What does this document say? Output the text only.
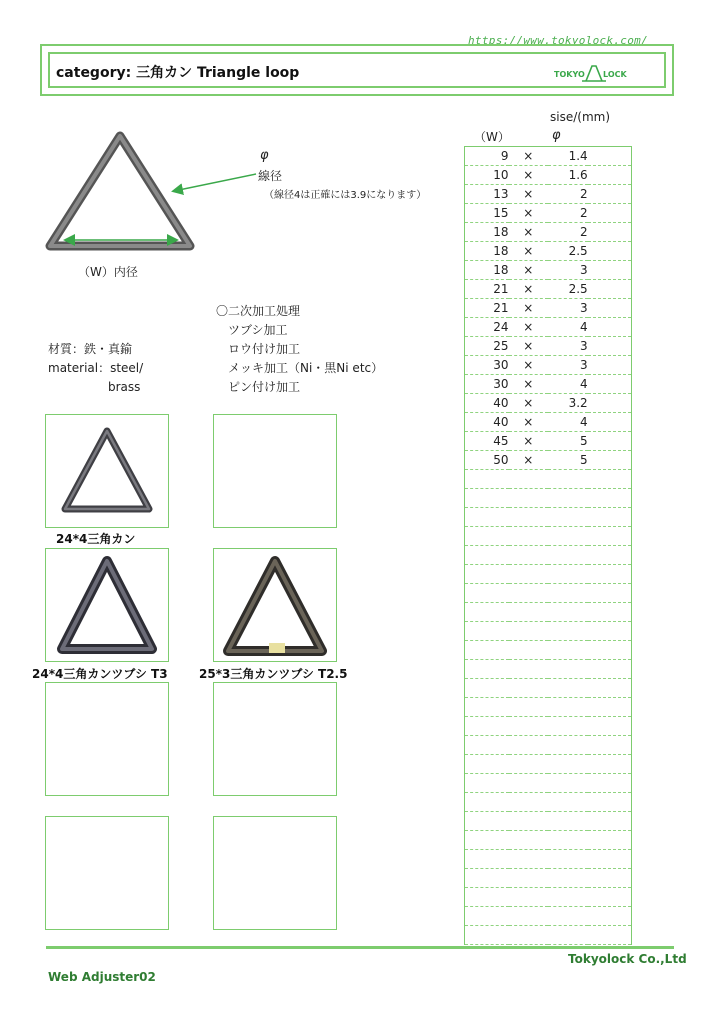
https://www.tokyolock.com/
category: 三角カン Triangle loop	TOKYO LOCK
φ
線径
（線径4は正確には3.9になります）
（W）内径
〇二次加工処理
　ツブシ加工
　ロウ付け加工
　メッキ加工（Ni・黒Ni etc）
　ピン付け加工
材質：鉄・真鍮
material：steel/
　　　　　brass
24*4三角カン
24*4三角カンツブシ T3	25*3三角カンツブシ T2.5
sise/(mm)
（W）	φ
9	×	1.4	
10	×	1.6	
13	×	2	
15	×	2	
18	×	2	
18	×	2.5	
18	×	3	
21	×	2.5	
21	×	3	
24	×	4	
25	×	3	
30	×	3	
30	×	4	
40	×	3.2	
40	×	4	
45	×	5	
50	×	5	

Tokyolock Co.,Ltd
Web Adjuster02
